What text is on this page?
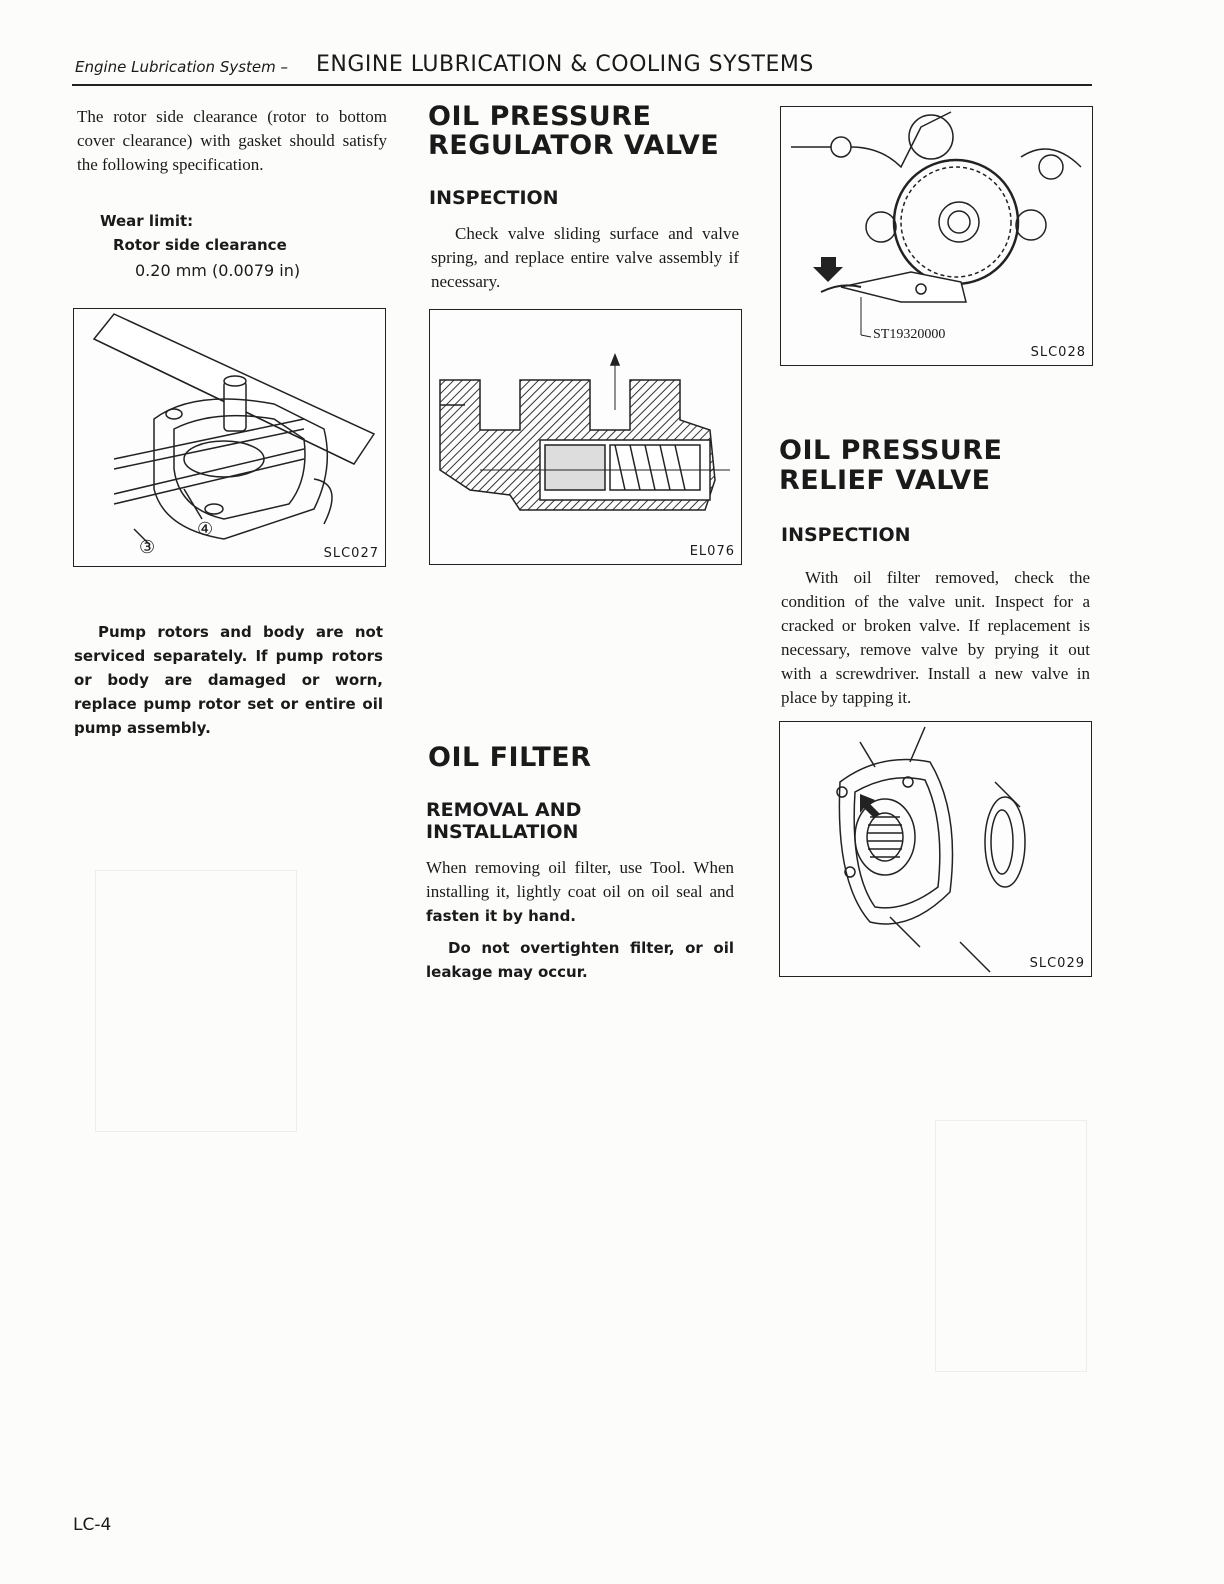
Engine Lubrication System – ENGINE LUBRICATION & COOLING SYSTEMS

The rotor side clearance (rotor to bottom cover clearance) with gasket should satisfy the following specification.

Wear limit:
Rotor side clearance
0.20 mm (0.0079 in)
③
④
SLC027

Pump rotors and body are not serviced separately. If pump rotors or body are damaged or worn, replace pump rotor set or entire oil pump assembly.

OIL PRESSURE
REGULATOR VALVE
INSPECTION

Check valve sliding surface and valve spring, and replace entire valve assembly if necessary.

EL076
OIL FILTER
REMOVAL AND
INSTALLATION

When removing oil filter, use Tool. When installing it, lightly coat oil on oil seal and fasten it by hand.

Do not overtighten filter, or oil leakage may occur.

ST19320000
SLC028
OIL PRESSURE
RELIEF VALVE
INSPECTION

With oil filter removed, check the condition of the valve unit. Inspect for a cracked or broken valve. If replacement is necessary, remove valve by prying it out with a screwdriver. Install a new valve in place by tapping it.

SLC029
LC-4
